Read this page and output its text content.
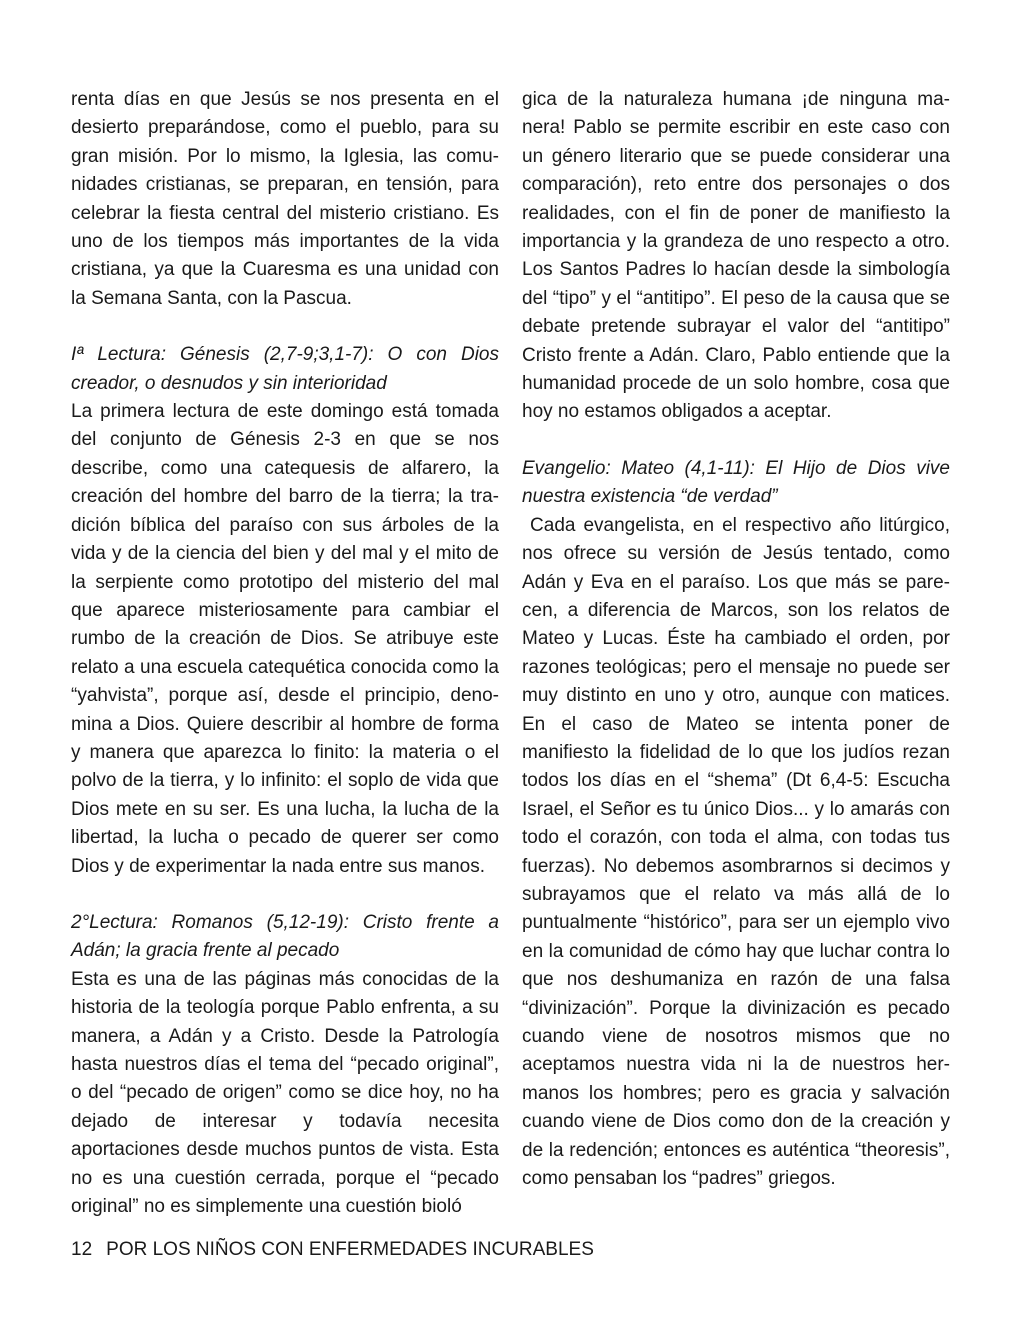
renta días en que Jesús se nos presenta en el desierto preparándose, como el pueblo, para su gran misión. Por lo mismo, la Iglesia, las comunidades cristianas, se preparan, en tensión, para celebrar la fiesta central del misterio cristiano. Es uno de los tiempos más importantes de la vida cristiana, ya que la Cuaresma es una unidad con la Semana Santa, con la Pascua.

Iª Lectura: Génesis (2,7-9;3,1-7): O con Dios creador, o desnudos y sin interioridad

La primera lectura de este domingo está tomada del conjunto de Génesis 2-3 en que se nos describe, como una catequesis de alfarero, la creación del hombre del barro de la tierra; la tradición bíblica del paraíso con sus árboles de la vida y de la ciencia del bien y del mal y el mito de la serpiente como prototipo del misterio del mal que aparece misteriosamente para cambiar el rumbo de la creación de Dios. Se atribuye este relato a una escuela catequética conocida como la “yahvista”, porque así, desde el principio, denomina a Dios. Quiere describir al hombre de forma y manera que aparezca lo finito: la materia o el polvo de la tierra, y lo infinito: el soplo de vida que Dios mete en su ser. Es una lucha, la lucha de la libertad, la lucha o pecado de querer ser como Dios y de experimentar la nada entre sus manos.

2°Lectura: Romanos (5,12-19): Cristo frente a Adán; la gracia frente al pecado

Esta es una de las páginas más conocidas de la historia de la teología porque Pablo enfrenta, a su manera, a Adán y a Cristo. Desde la Patrología hasta nuestros días el tema del “pecado original”, o del “pecado de origen” como se dice hoy, no ha dejado de interesar y todavía necesita aportaciones desde muchos puntos de vista. Esta no es una cuestión cerrada, porque el “pecado original” no es simplemente una cuestión bioló

gica de la naturaleza humana ¡de ninguna manera! Pablo se permite escribir en este caso con un género literario que se puede considerar una comparación), reto entre dos personajes o dos realidades, con el fin de poner de manifiesto la importancia y la grandeza de uno respecto a otro. Los Santos Padres lo hacían desde la simbología del “tipo” y el “antitipo”. El peso de la causa que se debate pretende subrayar el valor del “antitipo” Cristo frente a Adán. Claro, Pablo entiende que la humanidad procede de un solo hombre, cosa que hoy no estamos obligados a aceptar.

Evangelio: Mateo (4,1-11): El Hijo de Dios vive nuestra existencia “de verdad”

Cada evangelista, en el respectivo año litúrgico, nos ofrece su versión de Jesús tentado, como Adán y Eva en el paraíso. Los que más se parecen, a diferencia de Marcos, son los relatos de Mateo y Lucas. Éste ha cambiado el orden, por razones teológicas; pero el mensaje no puede ser muy distinto en uno y otro, aunque con matices. En el caso de Mateo se intenta poner de manifiesto la fidelidad de lo que los judíos rezan todos los días en el “shema” (Dt 6,4-5: Escucha Israel, el Señor es tu único Dios... y lo amarás con todo el corazón, con toda el alma, con todas tus fuerzas). No debemos asombrarnos si decimos y subrayamos que el relato va más allá de lo puntualmente “histórico”, para ser un ejemplo vivo en la comunidad de cómo hay que luchar contra lo que nos deshumaniza en razón de una falsa “divinización”. Porque la divinización es pecado cuando viene de nosotros mismos que no aceptamos nuestra vida ni la de nuestros hermanos los hombres; pero es gracia y salvación cuando viene de Dios como don de la creación y de la redención; entonces es auténtica “theoresis”, como pensaban los “padres” griegos.

12 POR LOS NIÑOS CON ENFERMEDADES INCURABLES
